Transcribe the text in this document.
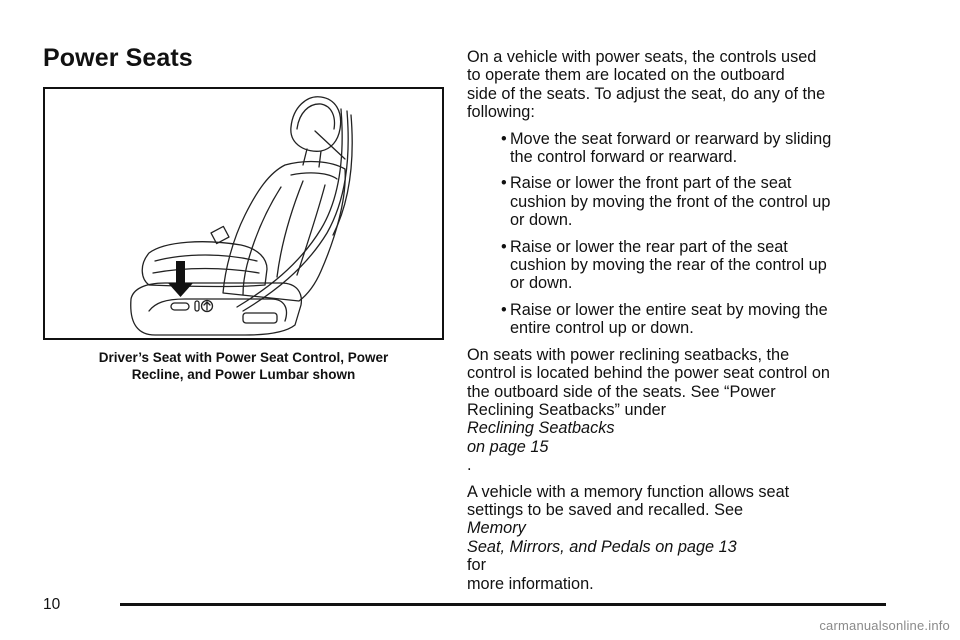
Power Seats
Driver’s Seat with Power Seat Control, Power
Recline, and Power Lumbar shown

On a vehicle with power seats, the controls used
to operate them are located on the outboard
side of the seats. To adjust the seat, do any of the
following:

• Move the seat forward or rearward by sliding
the control forward or rearward.
• Raise or lower the front part of the seat
cushion by moving the front of the control up
or down.
• Raise or lower the rear part of the seat
cushion by moving the rear of the control up
or down.
• Raise or lower the entire seat by moving the
entire control up or down.

On seats with power reclining seatbacks, the
control is located behind the power seat control on
the outboard side of the seats. See “Power
Reclining Seatbacks” under
Reclining Seatbacks
on page 15
.

A vehicle with a memory function allows seat
settings to be saved and recalled. See
Memory
Seat, Mirrors, and Pedals on page 13
for
more information.

10
carmanualsonline.info
